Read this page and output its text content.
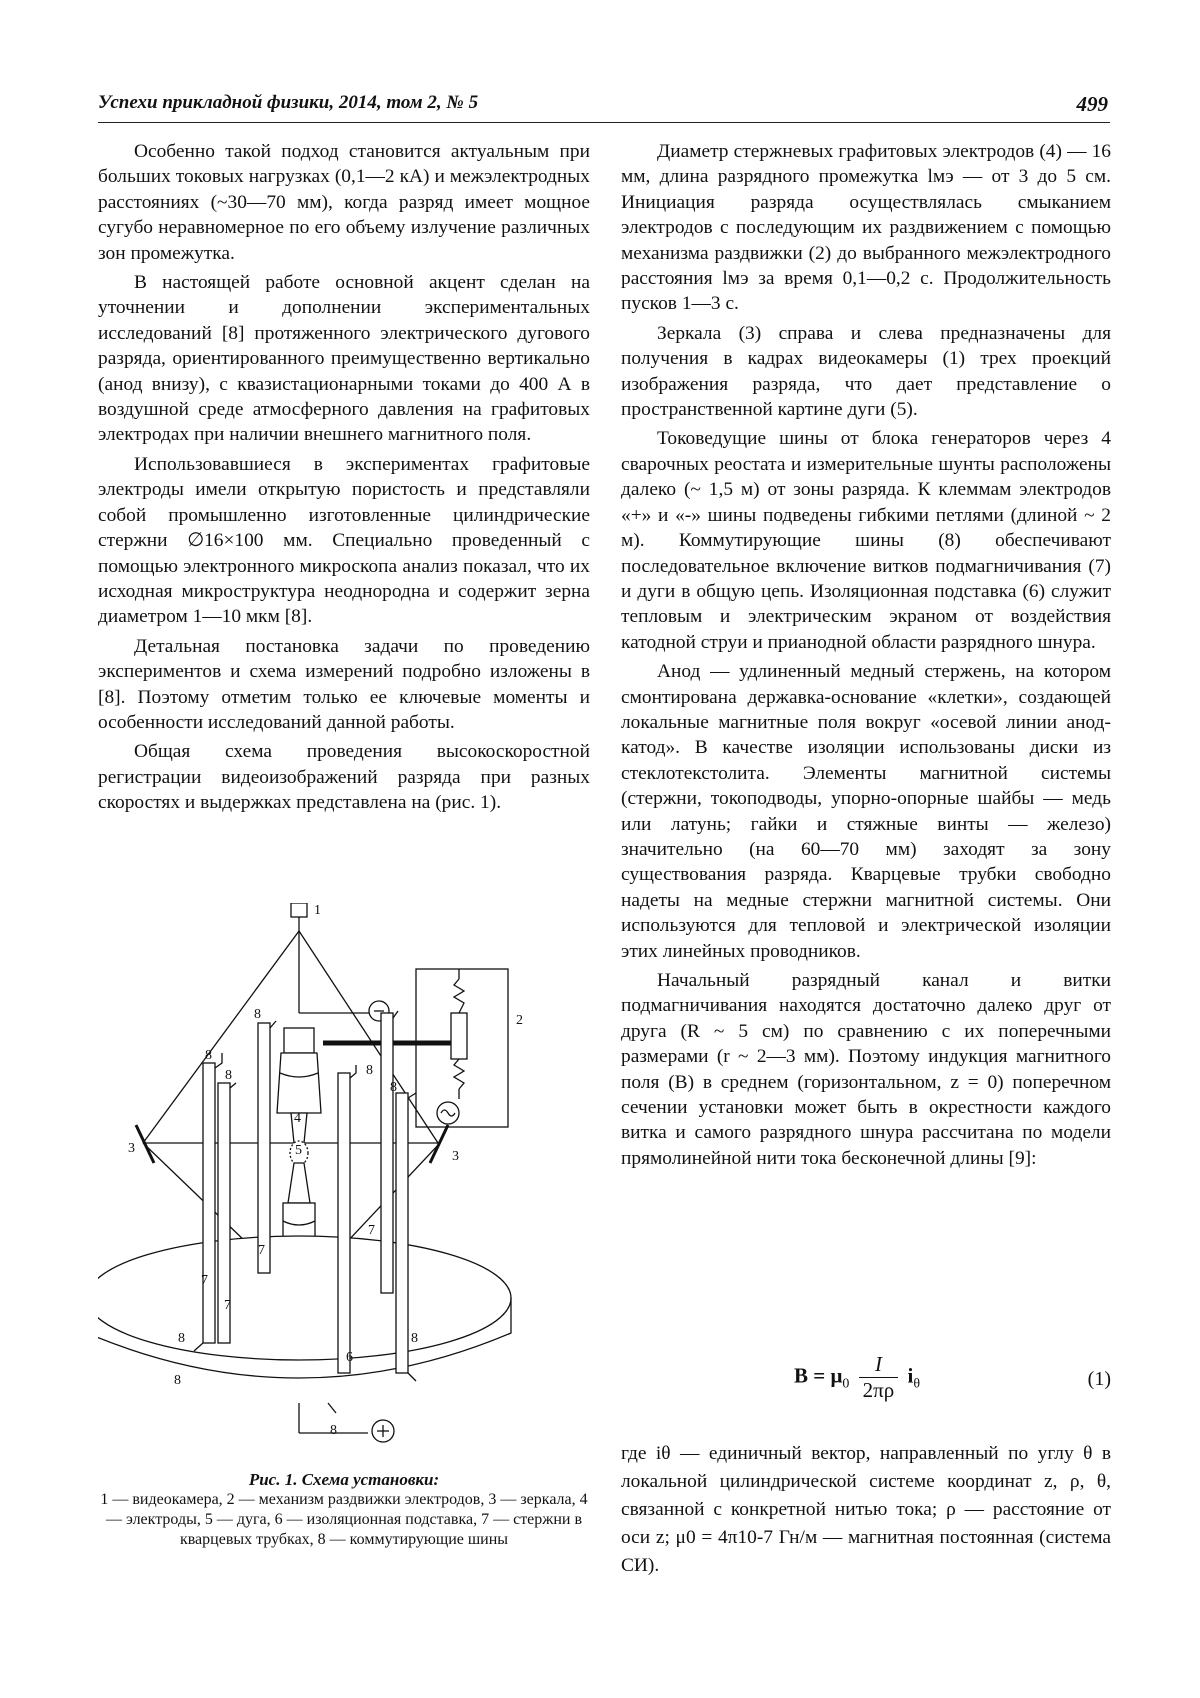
Успехи прикладной физики, 2014, том 2, № 5	499

Особенно такой подход становится актуальным при больших токовых нагрузках (0,1—2 кА) и межэлектродных расстояниях (~30—70 мм), когда разряд имеет мощное сугубо неравномерное по его объему излучение различных зон промежутка.

В настоящей работе основной акцент сделан на уточнении и дополнении экспериментальных исследований [8] протяженного электрического дугового разряда, ориентированного преимущественно вертикально (анод внизу), с квазистационарными токами до 400 А в воздушной среде атмосферного давления на графитовых электродах при наличии внешнего магнитного поля.

Использовавшиеся в экспериментах графитовые электроды имели открытую пористость и представляли собой промышленно изготовленные цилиндрические стержни ∅16×100 мм. Специально проведенный с помощью электронного микроскопа анализ показал, что их исходная микроструктура неоднородна и содержит зерна диаметром 1—10 мкм [8].

Детальная постановка задачи по проведению экспериментов и схема измерений подробно изложены в [8]. Поэтому отметим только ее ключевые моменты и особенности исследований данной работы.

Общая схема проведения высокоскоростной регистрации видеоизображений разряда при разных скоростях и выдержках представлена на (рис. 1).

1
2
3
3
4
5
6
7
7
7
7
8
8
8
8
8
8
8
8
8
Рис. 1. Схема установки:
1 — видеокамера, 2 — механизм раздвижки электродов, 3 — зеркала, 4 — электроды, 5 — дуга, 6 — изоляционная подставка, 7 — стержни в кварцевых трубках, 8 — коммутирующие шины

Диаметр стержневых графитовых электродов (4) — 16 мм, длина разрядного промежутка lмэ — от 3 до 5 см. Инициация разряда осуществлялась смыканием электродов с последующим их раздвижением с помощью механизма раздвижки (2) до выбранного межэлектродного расстояния lмэ за время 0,1—0,2 с. Продолжительность пусков 1—3 с.

Зеркала (3) справа и слева предназначены для получения в кадрах видеокамеры (1) трех проекций изображения разряда, что дает представление о пространственной картине дуги (5).

Токоведущие шины от блока генераторов через 4 сварочных реостата и измерительные шунты расположены далеко (~ 1,5 м) от зоны разряда. К клеммам электродов «+» и «-» шины подведены гибкими петлями (длиной ~ 2 м). Коммутирующие шины (8) обеспечивают последовательное включение витков подмагничивания (7) и дуги в общую цепь. Изоляционная подставка (6) служит тепловым и электрическим экраном от воздействия катодной струи и прианодной области разрядного шнура.

Анод — удлиненный медный стержень, на котором смонтирована державка-основание «клетки», создающей локальные магнитные поля вокруг «осевой линии анод-катод». В качестве изоляции использованы диски из стеклотекстолита. Элементы магнитной системы (стержни, токоподводы, упорно-опорные шайбы — медь или латунь; гайки и стяжные винты — железо) значительно (на 60—70 мм) заходят за зону существования разряда. Кварцевые трубки свободно надеты на медные стержни магнитной системы. Они используются для тепловой и электрической изоляции этих линейных проводников.

Начальный разрядный канал и витки подмагничивания находятся достаточно далеко друг от друга (R ~ 5 см) по сравнению с их поперечными размерами (r ~ 2—3 мм). Поэтому индукция магнитного поля (B) в среднем (горизонтальном, z = 0) поперечном сечении установки может быть в окрестности каждого витка и самого разрядного шнура рассчитана по модели прямолинейной нити тока бесконечной длины [9]:

$B = \mu_0 \frac{I}{2\pi\rho} i_\theta$	(1)

где iθ — единичный вектор, направленный по углу θ в локальной цилиндрической системе координат z, ρ, θ, связанной с конкретной нитью тока; ρ — расстояние от оси z; μ0 = 4π10-7 Гн/м — магнитная постоянная (система СИ).
